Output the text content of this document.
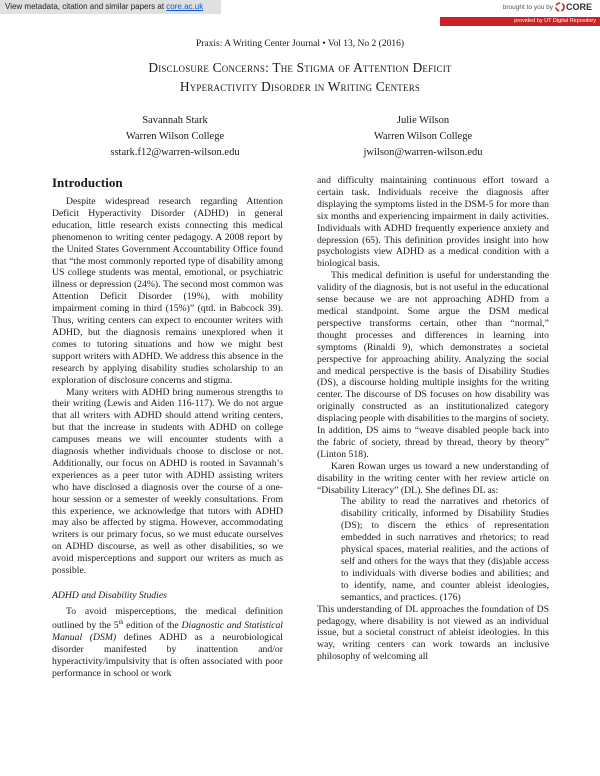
View metadata, citation and similar papers at core.ac.uk	brought to you by CORE
provided by UT Digital Repository
Praxis: A Writing Center Journal • Vol 13, No 2 (2016)
Disclosure Concerns: The Stigma of Attention Deficit
Hyperactivity Disorder in Writing Centers
Savannah Stark
Warren Wilson College
sstark.f12@warren-wilson.edu
Julie Wilson
Warren Wilson College
jwilson@warren-wilson.edu
Introduction

Despite widespread research regarding Attention Deficit Hyperactivity Disorder (ADHD) in general education, little research exists connecting this medical phenomenon to writing center pedagogy. A 2008 report by the United States Government Accountability Office found that “the most commonly reported type of disability among US college students was mental, emotional, or psychiatric illness or depression (24%). The second most common was Attention Deficit Disorder (19%), with mobility impairment coming in third (15%)” (qtd. in Babcock 39). Thus, writing centers can expect to encounter writers with ADHD, but the diagnosis remains unexplored when it comes to tutoring situations and how we might best support writers with ADHD. We address this absence in the research by applying disability studies scholarship to an exploration of disclosure concerns and stigma.

Many writers with ADHD bring numerous strengths to their writing (Lewis and Aiden 116-117). We do not argue that all writers with ADHD should attend writing centers, but that the increase in students with ADHD on college campuses means we will encounter students with a diagnosis whether individuals choose to disclose or not. Additionally, our focus on ADHD is rooted in Savannah’s experiences as a peer tutor with ADHD assisting writers who have disclosed a diagnosis over the course of a one-hour session or a semester of weekly consultations. From this experience, we acknowledge that tutors with ADHD may also be affected by stigma. However, accommodating writers is our primary focus, so we must educate ourselves on ADHD discourse, as well as other disabilities, so we avoid misperceptions and support our writers as much as possible.

ADHD and Disability Studies

To avoid misperceptions, the medical definition outlined by the 5th edition of the Diagnostic and Statistical Manual (DSM) defines ADHD as a neurobiological disorder manifested by inattention and/or hyperactivity/impulsivity that is often associated with poor performance in school or work

and difficulty maintaining continuous effort toward a certain task. Individuals receive the diagnosis after displaying the symptoms listed in the DSM-5 for more than six months and experiencing impairment in daily activities. Individuals with ADHD frequently experience anxiety and depression (65). This definition provides insight into how psychologists view ADHD as a medical condition with a biological basis.

This medical definition is useful for understanding the validity of the diagnosis, but is not useful in the educational sense because we are not approaching ADHD from a medical standpoint. Some argue the DSM medical perspective transforms certain, other than “normal,” thought processes and differences in learning into symptoms (Rinaldi 9), which demonstrates a societal perspective for approaching ability. Analyzing the social and medical perspective is the basis of Disability Studies (DS), a discourse holding multiple insights for the writing center. The discourse of DS focuses on how disability was originally constructed as an institutionalized category displacing people with disabilities to the margins of society. In addition, DS aims to “weave disabled people back into the fabric of society, thread by thread, theory by theory” (Linton 518).

Karen Rowan urges us toward a new understanding of disability in the writing center with her review article on “Disability Literacy” (DL). She defines DL as:

The ability to read the narratives and rhetorics of disability critically, informed by Disability Studies (DS); to discern the ethics of representation embedded in such narratives and rhetorics; to read physical spaces, material realities, and the actions of self and others for the ways that they (dis)able access to individuals with diverse bodies and abilities; and to identify, name, and counter ableist ideologies, semantics, and practices. (176)

This understanding of DL approaches the foundation of DS pedagogy, where disability is not viewed as an individual issue, but a societal construct of ableist ideologies. In this way, writing centers can work towards an inclusive philosophy of welcoming all
